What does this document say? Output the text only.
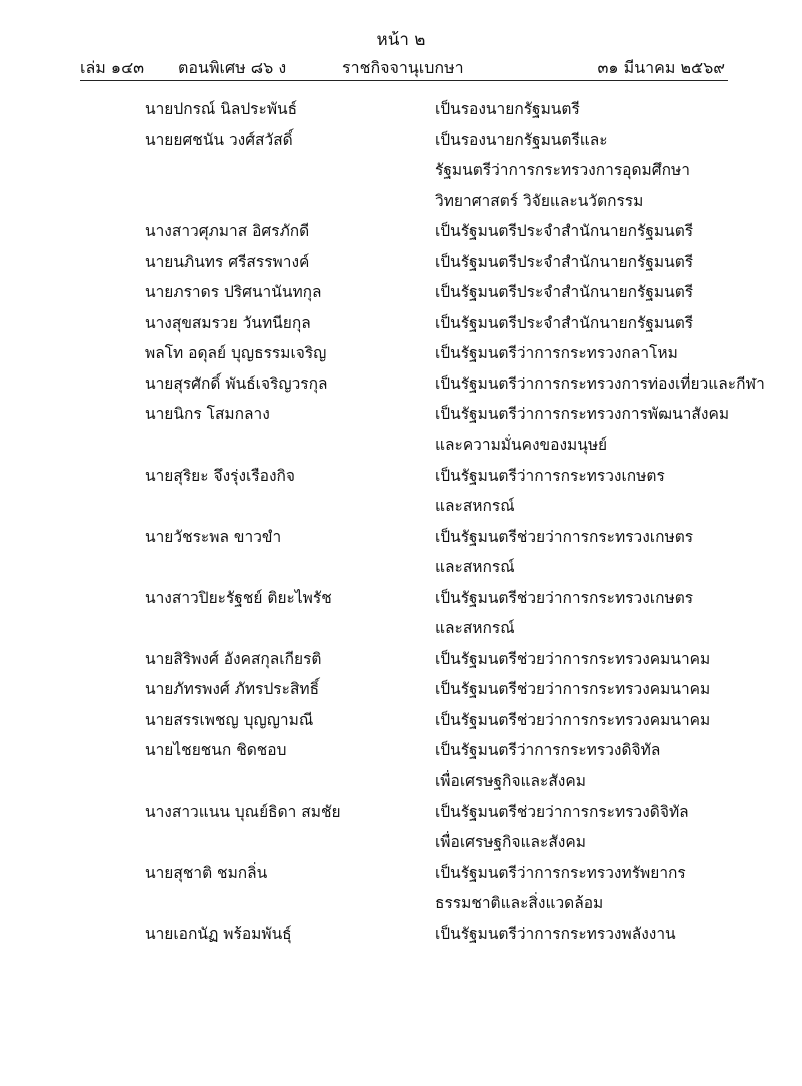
หน้า ๒
เล่ม ๑๔๓ ตอนพิเศษ ๘๖ ง	ราชกิจจานุเบกษา	๓๑ มีนาคม ๒๕๖๙
นายปกรณ์ นิลประพันธ์	เป็นรองนายกรัฐมนตรี
นายยศชนัน วงศ์สวัสดิ์	เป็นรองนายกรัฐมนตรีและ
รัฐมนตรีว่าการกระทรวงการอุดมศึกษา
วิทยาศาสตร์ วิจัยและนวัตกรรม
นางสาวศุภมาส อิศรภักดี	เป็นรัฐมนตรีประจำสำนักนายกรัฐมนตรี
นายนภินทร ศรีสรรพางค์	เป็นรัฐมนตรีประจำสำนักนายกรัฐมนตรี
นายภราดร ปริศนานันทกุล	เป็นรัฐมนตรีประจำสำนักนายกรัฐมนตรี
นางสุขสมรวย วันทนียกุล	เป็นรัฐมนตรีประจำสำนักนายกรัฐมนตรี
พลโท อดุลย์ บุญธรรมเจริญ	เป็นรัฐมนตรีว่าการกระทรวงกลาโหม
นายสุรศักดิ์ พันธ์เจริญวรกุล	เป็นรัฐมนตรีว่าการกระทรวงการท่องเที่ยวและกีฬา
นายนิกร โสมกลาง	เป็นรัฐมนตรีว่าการกระทรวงการพัฒนาสังคม
และความมั่นคงของมนุษย์
นายสุริยะ จึงรุ่งเรืองกิจ	เป็นรัฐมนตรีว่าการกระทรวงเกษตร
และสหกรณ์
นายวัชระพล ขาวขำ	เป็นรัฐมนตรีช่วยว่าการกระทรวงเกษตร
และสหกรณ์
นางสาวปิยะรัฐชย์ ติยะไพรัช	เป็นรัฐมนตรีช่วยว่าการกระทรวงเกษตร
และสหกรณ์
นายสิริพงศ์ อังคสกุลเกียรติ	เป็นรัฐมนตรีช่วยว่าการกระทรวงคมนาคม
นายภัทรพงศ์ ภัทรประสิทธิ์	เป็นรัฐมนตรีช่วยว่าการกระทรวงคมนาคม
นายสรรเพชญ บุญญามณี	เป็นรัฐมนตรีช่วยว่าการกระทรวงคมนาคม
นายไชยชนก ชิดชอบ	เป็นรัฐมนตรีว่าการกระทรวงดิจิทัล
เพื่อเศรษฐกิจและสังคม
นางสาวแนน บุณย์ธิดา สมชัย	เป็นรัฐมนตรีช่วยว่าการกระทรวงดิจิทัล
เพื่อเศรษฐกิจและสังคม
นายสุชาติ ชมกลิ่น	เป็นรัฐมนตรีว่าการกระทรวงทรัพยากร
ธรรมชาติและสิ่งแวดล้อม
นายเอกนัฏ พร้อมพันธุ์	เป็นรัฐมนตรีว่าการกระทรวงพลังงาน
